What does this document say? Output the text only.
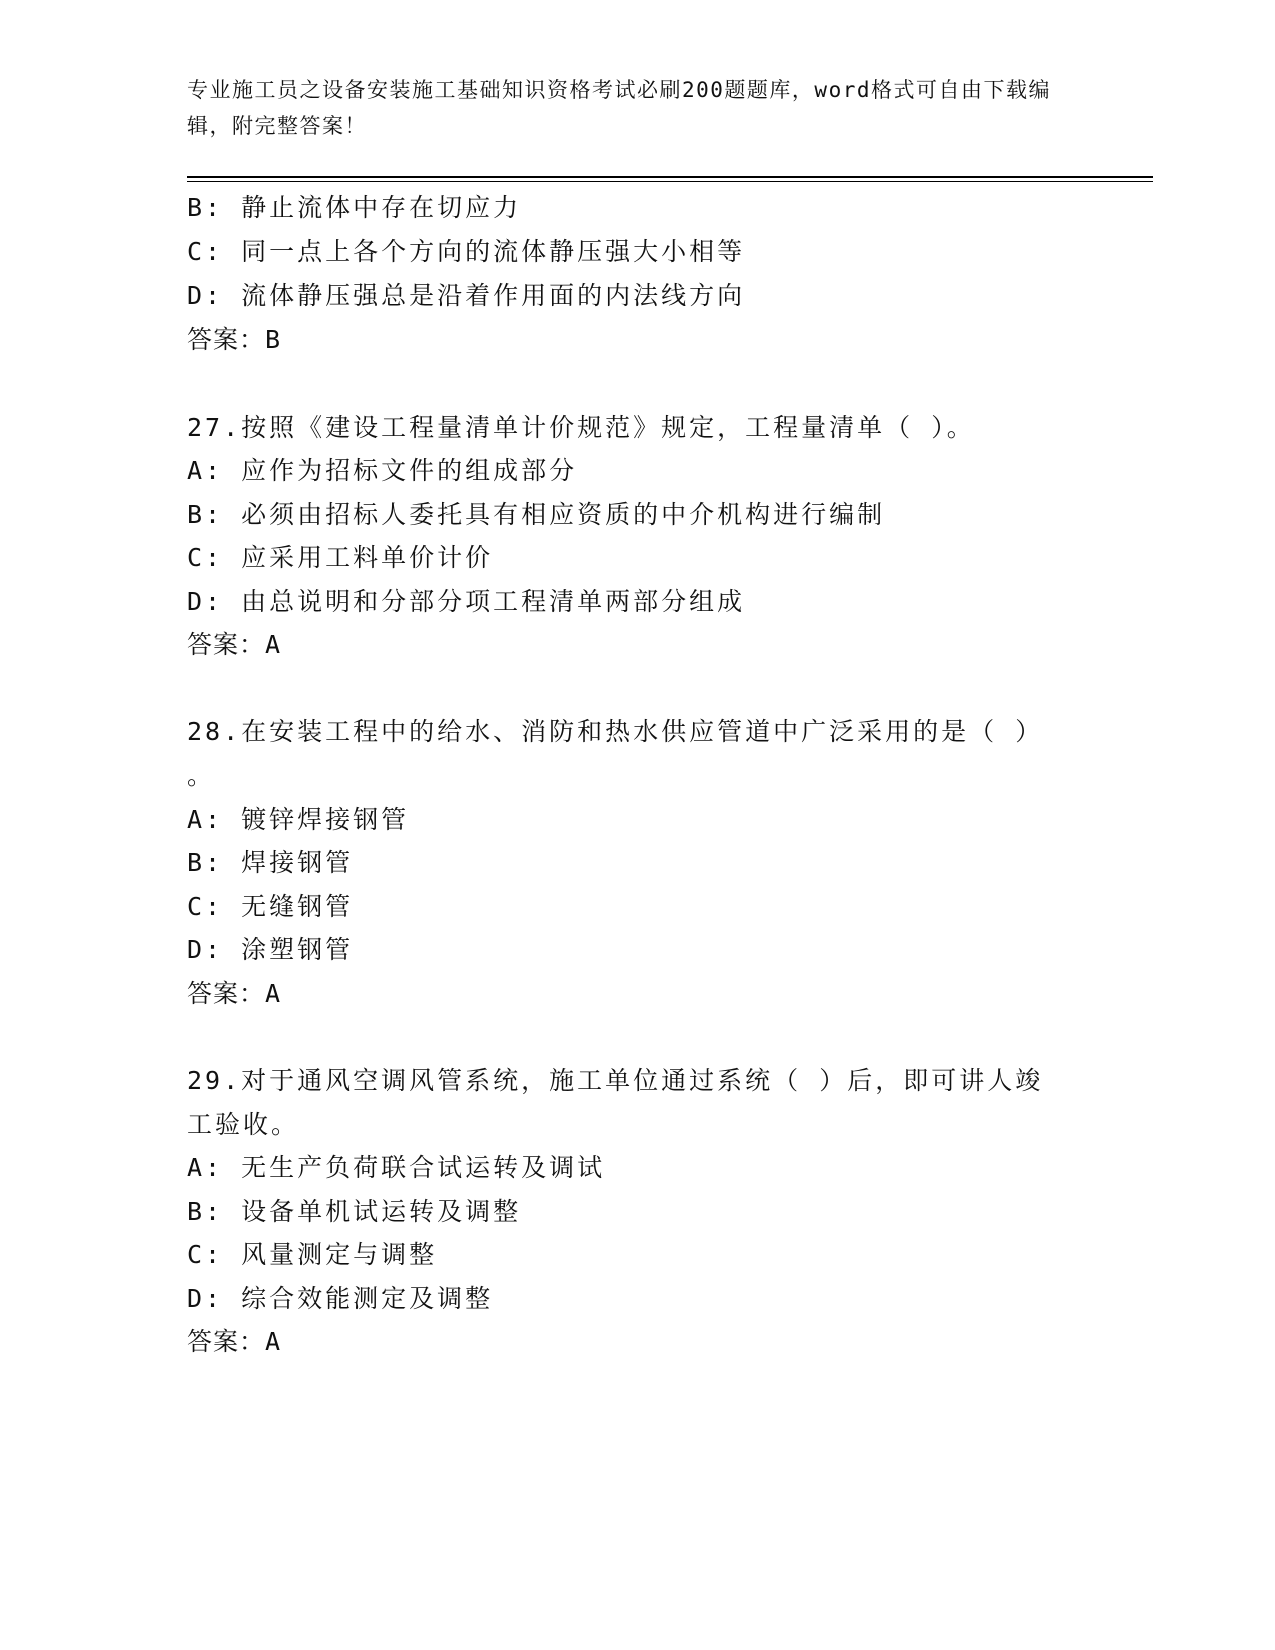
专业施工员之设备安装施工基础知识资格考试必刷200题题库，word格式可自由下载编辑，附完整答案！
B: 静止流体中存在切应力
C: 同一点上各个方向的流体静压强大小相等
D: 流体静压强总是沿着作用面的内法线方向
答案：B
27.按照《建设工程量清单计价规范》规定，工程量清单（ ）。
A: 应作为招标文件的组成部分
B: 必须由招标人委托具有相应资质的中介机构进行编制
C: 应采用工料单价计价
D: 由总说明和分部分项工程清单两部分组成
答案：A
28.在安装工程中的给水、消防和热水供应管道中广泛采用的是（ ）
。
A: 镀锌焊接钢管
B: 焊接钢管
C: 无缝钢管
D: 涂塑钢管
答案：A
29.对于通风空调风管系统，施工单位通过系统（ ）后，即可讲人竣
工验收。
A: 无生产负荷联合试运转及调试
B: 设备单机试运转及调整
C: 风量测定与调整
D: 综合效能测定及调整
答案：A
